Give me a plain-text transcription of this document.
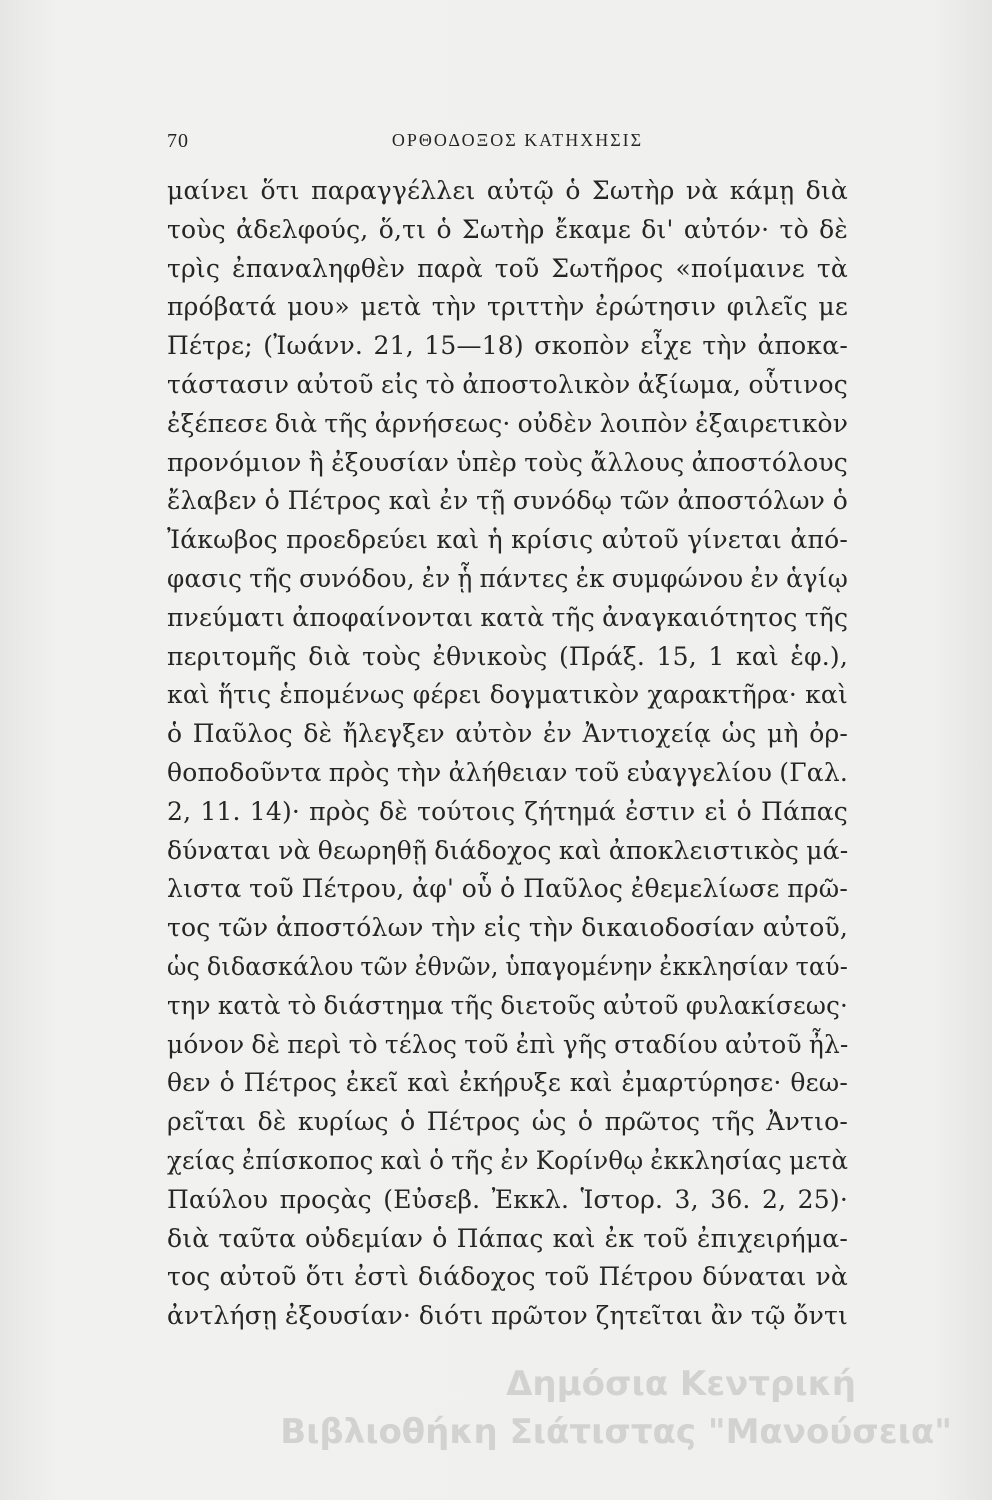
70	ΟΡΘΟΔΟΞΟΣ ΚΑΤΗΧΗΣΙΣ
μαίνει ὅτι παραγγέλλει αὐτῷ ὁ Σωτὴρ νὰ κάμῃ διὰ
τοὺς ἀδελφούς, ὅ,τι ὁ Σωτὴρ ἔκαμε δι' αὐτόν· τὸ δὲ
τρὶς ἐπαναληφθὲν παρὰ τοῦ Σωτῆρος «ποίμαινε τὰ
πρόβατά μου» μετὰ τὴν τριττὴν ἐρώτησιν φιλεῖς με
Πέτρε; (Ἰωάνν. 21, 15—18) σκοπὸν εἶχε τὴν ἀποκα-
τάστασιν αὐτοῦ εἰς τὸ ἀποστολικὸν ἀξίωμα, οὗτινος
ἐξέπεσε διὰ τῆς ἀρνήσεως· οὐδὲν λοιπὸν ἐξαιρετικὸν
προνόμιον ἢ ἐξουσίαν ὑπὲρ τοὺς ἄλλους ἀποστόλους
ἔλαβεν ὁ Πέτρος καὶ ἐν τῇ συνόδῳ τῶν ἀποστόλων ὁ
Ἰάκωβος προεδρεύει καὶ ἡ κρίσις αὐτοῦ γίνεται ἀπό-
φασις τῆς συνόδου, ἐν ᾗ πάντες ἐκ συμφώνου ἐν ἁγίῳ
πνεύματι ἀποφαίνονται κατὰ τῆς ἀναγκαιότητος τῆς
περιτομῆς διὰ τοὺς ἐθνικοὺς (Πράξ. 15, 1 καὶ ἑφ.),
καὶ ἥτις ἑπομένως φέρει δογματικὸν χαρακτῆρα· καὶ
ὁ Παῦλος δὲ ἤλεγξεν αὐτὸν ἐν Ἀντιοχείᾳ ὡς μὴ ὀρ-
θοποδοῦντα πρὸς τὴν ἀλήθειαν τοῦ εὐαγγελίου (Γαλ.
2, 11. 14)· πρὸς δὲ τούτοις ζήτημά ἐστιν εἰ ὁ Πάπας
δύναται νὰ θεωρηθῇ διάδοχος καὶ ἀποκλειστικὸς μά-
λιστα τοῦ Πέτρου, ἀφ' οὗ ὁ Παῦλος ἐθεμελίωσε πρῶ-
τος τῶν ἀποστόλων τὴν εἰς τὴν δικαιοδοσίαν αὐτοῦ,
ὡς διδασκάλου τῶν ἐθνῶν, ὑπαγομένην ἐκκλησίαν ταύ-
την κατὰ τὸ διάστημα τῆς διετοῦς αὐτοῦ φυλακίσεως·
μόνον δὲ περὶ τὸ τέλος τοῦ ἐπὶ γῆς σταδίου αὐτοῦ ἦλ-
θεν ὁ Πέτρος ἐκεῖ καὶ ἐκήρυξε καὶ ἐμαρτύρησε· θεω-
ρεῖται δὲ κυρίως ὁ Πέτρος ὡς ὁ πρῶτος τῆς Ἀντιο-
χείας ἐπίσκοπος καὶ ὁ τῆς ἐν Κορίνθῳ ἐκκλησίας μετὰ
Παύλου προςὰς (Εὐσεβ. Ἐκκλ. Ἱστορ. 3, 36. 2, 25)·
διὰ ταῦτα οὐδεμίαν ὁ Πάπας καὶ ἐκ τοῦ ἐπιχειρήμα-
τος αὐτοῦ ὅτι ἐστὶ διάδοχος τοῦ Πέτρου δύναται νὰ
ἀντλήσῃ ἐξουσίαν· διότι πρῶτον ζητεῖται ἂν τῷ ὄντι
Δημόσια Κεντρική
Βιβλιοθήκη Σιάτιστας "Μανούσεια"
